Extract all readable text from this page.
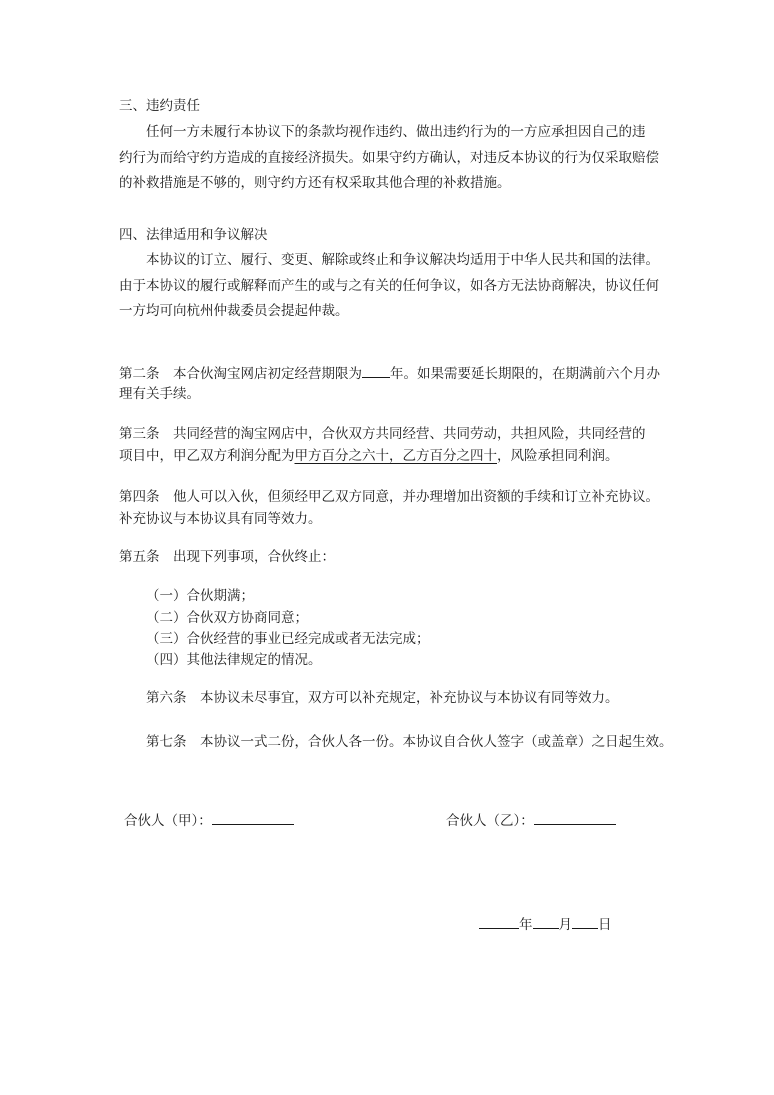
三、违约责任
任何一方未履行本协议下的条款均视作违约、做出违约行为的一方应承担因自己的违
约行为而给守约方造成的直接经济损失。如果守约方确认，对违反本协议的行为仅采取赔偿
的补救措施是不够的，则守约方还有权采取其他合理的补救措施。
四、法律适用和争议解决
本协议的订立、履行、变更、解除或终止和争议解决均适用于中华人民共和国的法律。
由于本协议的履行或解释而产生的或与之有关的任何争议，如各方无法协商解决，协议任何
一方均可向杭州仲裁委员会提起仲裁。
第二条　本合伙淘宝网店初定经营期限为 年。如果需要延长期限的，在期满前六个月办
理有关手续。
第三条　共同经营的淘宝网店中，合伙双方共同经营、共同劳动，共担风险，共同经营的
项目中，甲乙双方利润分配为甲方百分之六十，乙方百分之四十，风险承担同利润。
第四条　他人可以入伙，但须经甲乙双方同意，并办理增加出资额的手续和订立补充协议。
补充协议与本协议具有同等效力。
第五条　出现下列事项，合伙终止：
（一）合伙期满；
（二）合伙双方协商同意；
（三）合伙经营的事业已经完成或者无法完成；
（四）其他法律规定的情况。
第六条　本协议未尽事宜，双方可以补充规定，补充协议与本协议有同等效力。
第七条　本协议一式二份，合伙人各一份。本协议自合伙人签字（或盖章）之日起生效。
合伙人（甲）：	合伙人（乙）：
年 月 日
